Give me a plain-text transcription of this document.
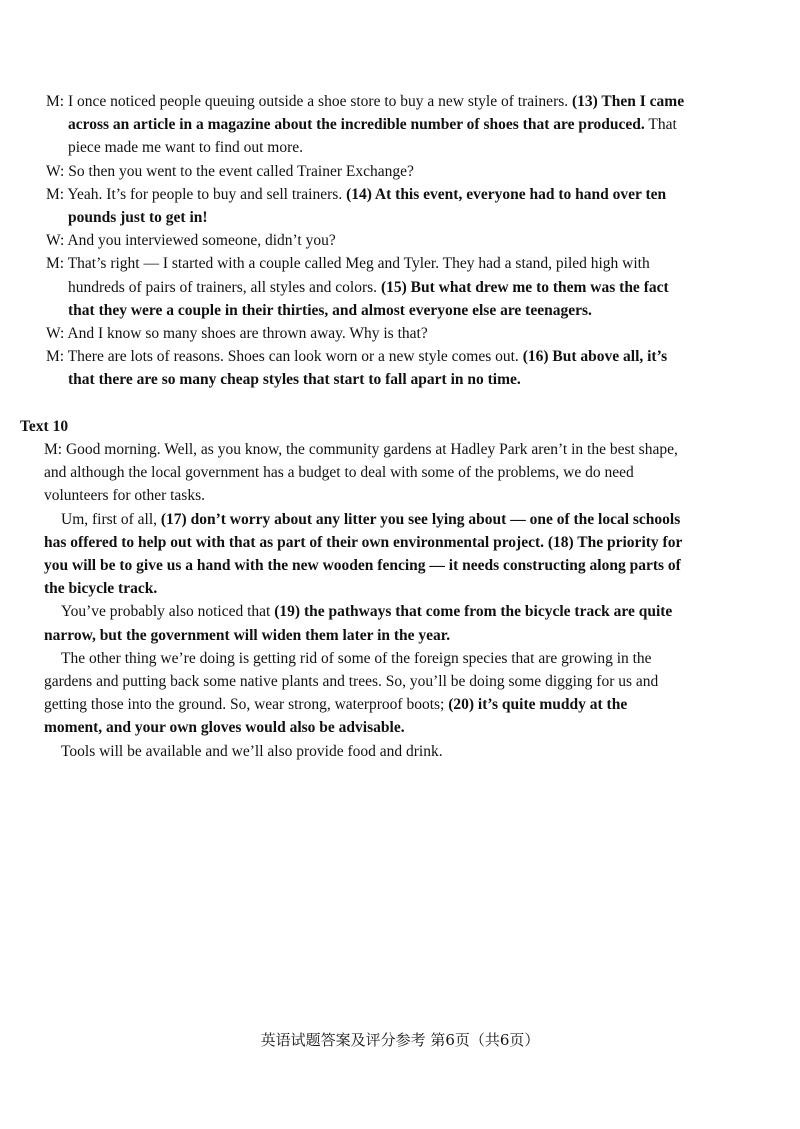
M: I once noticed people queuing outside a shoe store to buy a new style of trainers. (13) Then I came across an article in a magazine about the incredible number of shoes that are produced. That piece made me want to find out more.

W: So then you went to the event called Trainer Exchange?

M: Yeah. It’s for people to buy and sell trainers. (14) At this event, everyone had to hand over ten pounds just to get in!

W: And you interviewed someone, didn’t you?

M: That’s right — I started with a couple called Meg and Tyler. They had a stand, piled high with hundreds of pairs of trainers, all styles and colors. (15) But what drew me to them was the fact that they were a couple in their thirties, and almost everyone else are teenagers.

W: And I know so many shoes are thrown away. Why is that?

M: There are lots of reasons. Shoes can look worn or a new style comes out. (16) But above all, it’s that there are so many cheap styles that start to fall apart in no time.

Text 10

M: Good morning. Well, as you know, the community gardens at Hadley Park aren’t in the best shape, and although the local government has a budget to deal with some of the problems, we do need volunteers for other tasks.

Um, first of all, (17) don’t worry about any litter you see lying about — one of the local schools has offered to help out with that as part of their own environmental project. (18) The priority for you will be to give us a hand with the new wooden fencing — it needs constructing along parts of the bicycle track.

You’ve probably also noticed that (19) the pathways that come from the bicycle track are quite narrow, but the government will widen them later in the year.

The other thing we’re doing is getting rid of some of the foreign species that are growing in the gardens and putting back some native plants and trees. So, you’ll be doing some digging for us and getting those into the ground. So, wear strong, waterproof boots; (20) it’s quite muddy at the moment, and your own gloves would also be advisable.

Tools will be available and we’ll also provide food and drink.

英语试题答案及评分参考 第6页（共6页）
